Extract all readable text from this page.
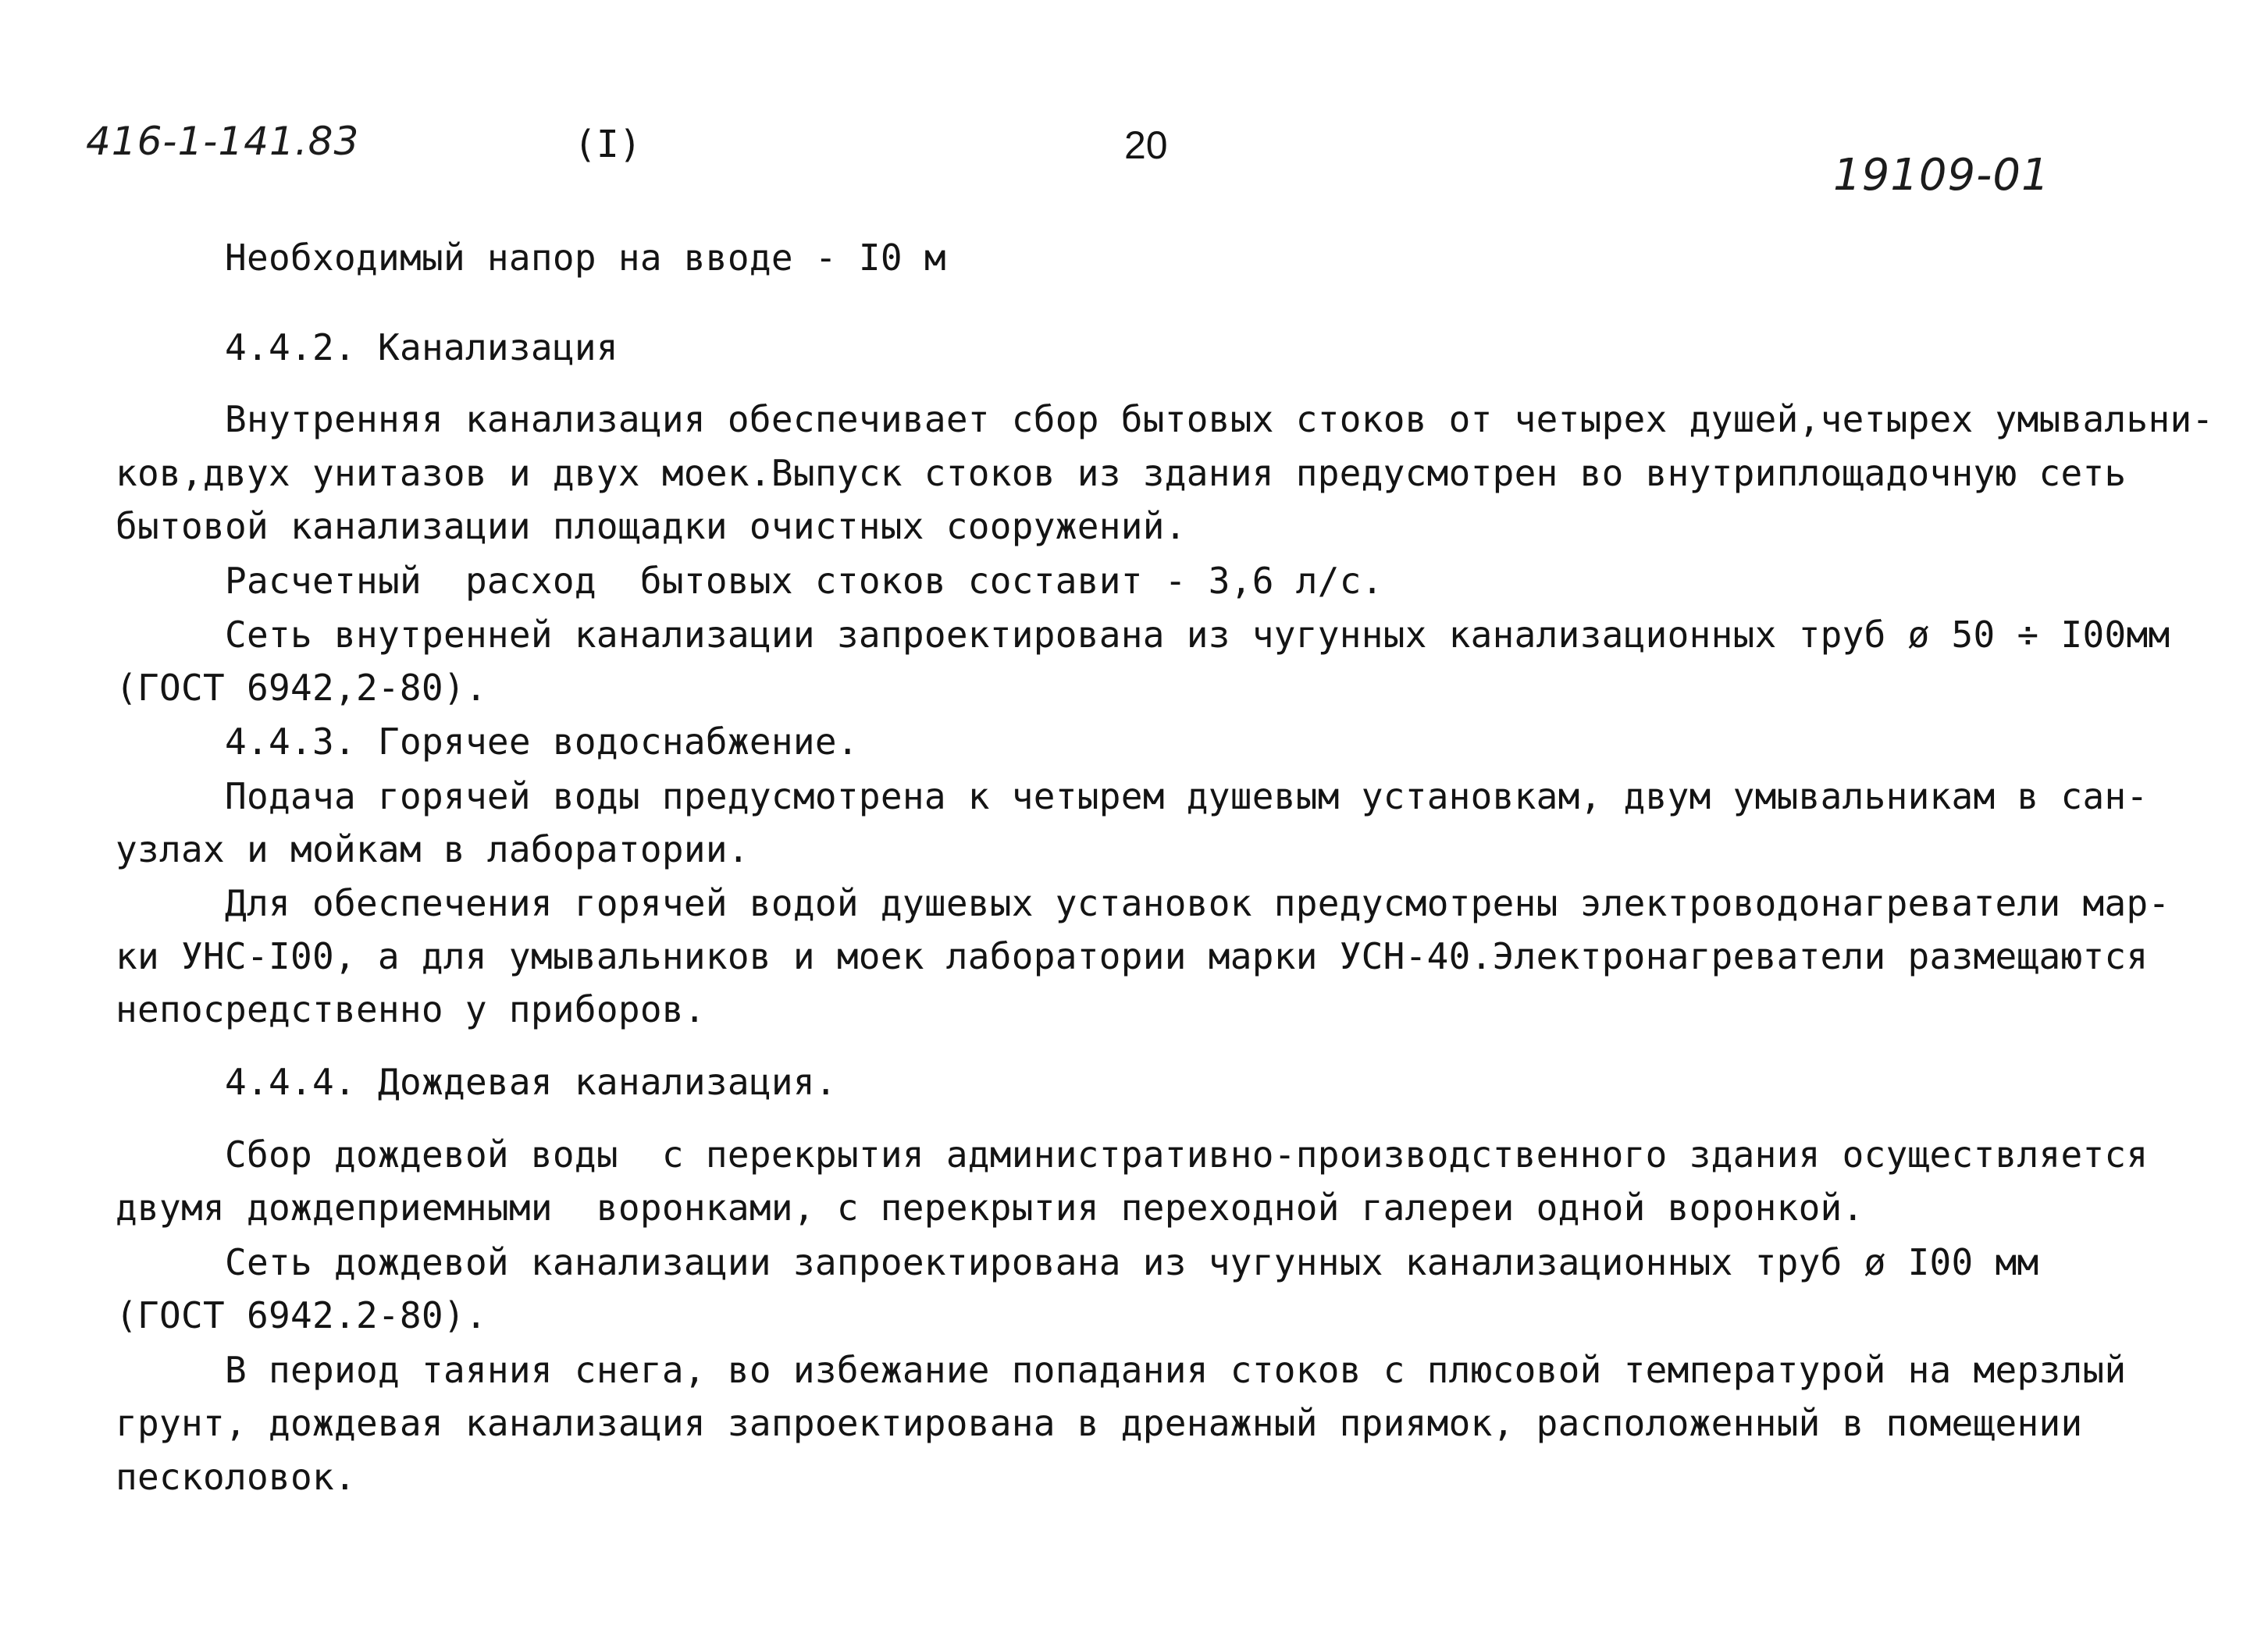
416-1-141.83	(I)	20
19109-01
Необходимый напор на вводе - I0 м
4.4.2. Канализация
Внутренняя канализация обеспечивает сбор бытовых стоков от четырех душей,четырех умывальни-
ков,двух унитазов и двух моек.Выпуск стоков из здания предусмотрен во внутриплощадочную сеть
бытовой канализации площадки очистных сооружений.
Расчетный  расход  бытовых стоков составит - 3,6 л/с.
Сеть внутренней канализации запроектирована из чугунных канализационных труб ø 50 ÷ I00мм
(ГОСТ 6942,2-80).
4.4.3. Горячее водоснабжение.
Подача горячей воды предусмотрена к четырем душевым установкам, двум умывальникам в сан-
узлах и мойкам в лаборатории.
Для обеспечения горячей водой душевых установок предусмотрены электроводонагреватели мар-
ки УНС-I00, а для умывальников и моек лаборатории марки УСН-40.Электронагреватели размещаются
непосредственно у приборов.
4.4.4. Дождевая канализация.
Сбор дождевой воды  с перекрытия административно-производственного здания осуществляется
двумя дождеприемными  воронками, с перекрытия переходной галереи одной воронкой.
Сеть дождевой канализации запроектирована из чугунных канализационных труб ø I00 мм
(ГОСТ 6942.2-80).
В период таяния снега, во избежание попадания стоков с плюсовой температурой на мерзлый
грунт, дождевая канализация запроектирована в дренажный приямок, расположенный в помещении
песколовок.
